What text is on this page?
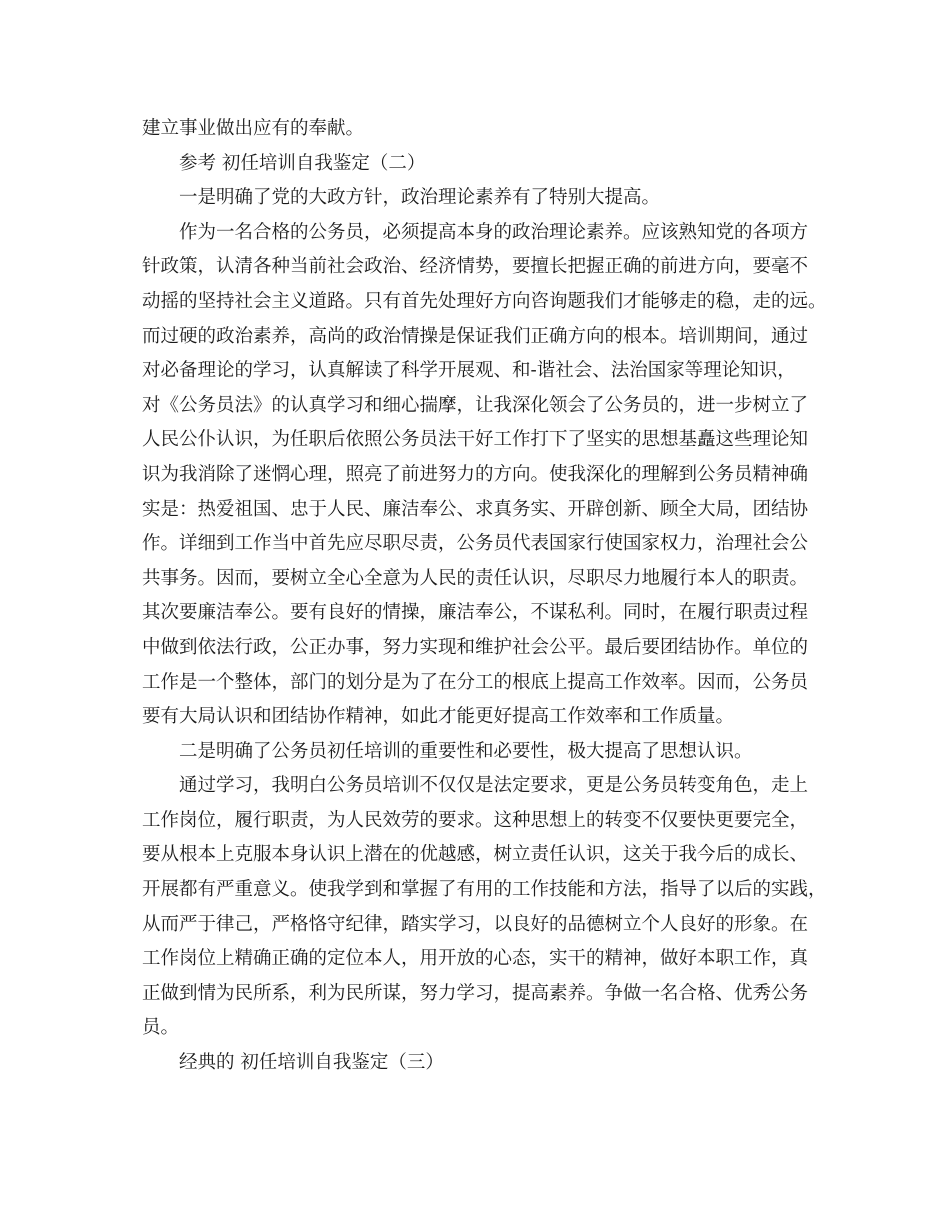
建立事业做出应有的奉献。
参考 初任培训自我鉴定（二）
一是明确了党的大政方针，政治理论素养有了特别大提高。
作为一名合格的公务员，必须提高本身的政治理论素养。应该熟知党的各项方
针政策，认清各种当前社会政治、经济情势，要擅长把握正确的前进方向，要毫不
动摇的坚持社会主义道路。只有首先处理好方向咨询题我们才能够走的稳，走的远。
而过硬的政治素养，高尚的政治情操是保证我们正确方向的根本。培训期间，通过
对必备理论的学习，认真解读了科学开展观、和-谐社会、法治国家等理论知识，
对《公务员法》的认真学习和细心揣摩，让我深化领会了公务员的，进一步树立了
人民公仆认识，为任职后依照公务员法干好工作打下了坚实的思想基矗这些理论知
识为我消除了迷惘心理，照亮了前进努力的方向。使我深化的理解到公务员精神确
实是：热爱祖国、忠于人民、廉洁奉公、求真务实、开辟创新、顾全大局，团结协
作。详细到工作当中首先应尽职尽责，公务员代表国家行使国家权力，治理社会公
共事务。因而，要树立全心全意为人民的责任认识，尽职尽力地履行本人的职责。
其次要廉洁奉公。要有良好的情操，廉洁奉公，不谋私利。同时，在履行职责过程
中做到依法行政，公正办事，努力实现和维护社会公平。最后要团结协作。单位的
工作是一个整体，部门的划分是为了在分工的根底上提高工作效率。因而，公务员
要有大局认识和团结协作精神，如此才能更好提高工作效率和工作质量。
二是明确了公务员初任培训的重要性和必要性，极大提高了思想认识。
通过学习，我明白公务员培训不仅仅是法定要求，更是公务员转变角色，走上
工作岗位，履行职责，为人民效劳的要求。这种思想上的转变不仅要快更要完全，
要从根本上克服本身认识上潜在的优越感，树立责任认识，这关于我今后的成长、
开展都有严重意义。使我学到和掌握了有用的工作技能和方法，指导了以后的实践，
从而严于律己，严格恪守纪律，踏实学习，以良好的品德树立个人良好的形象。在
工作岗位上精确正确的定位本人，用开放的心态，实干的精神，做好本职工作，真
正做到情为民所系，利为民所谋，努力学习，提高素养。争做一名合格、优秀公务
员。
经典的 初任培训自我鉴定（三）
